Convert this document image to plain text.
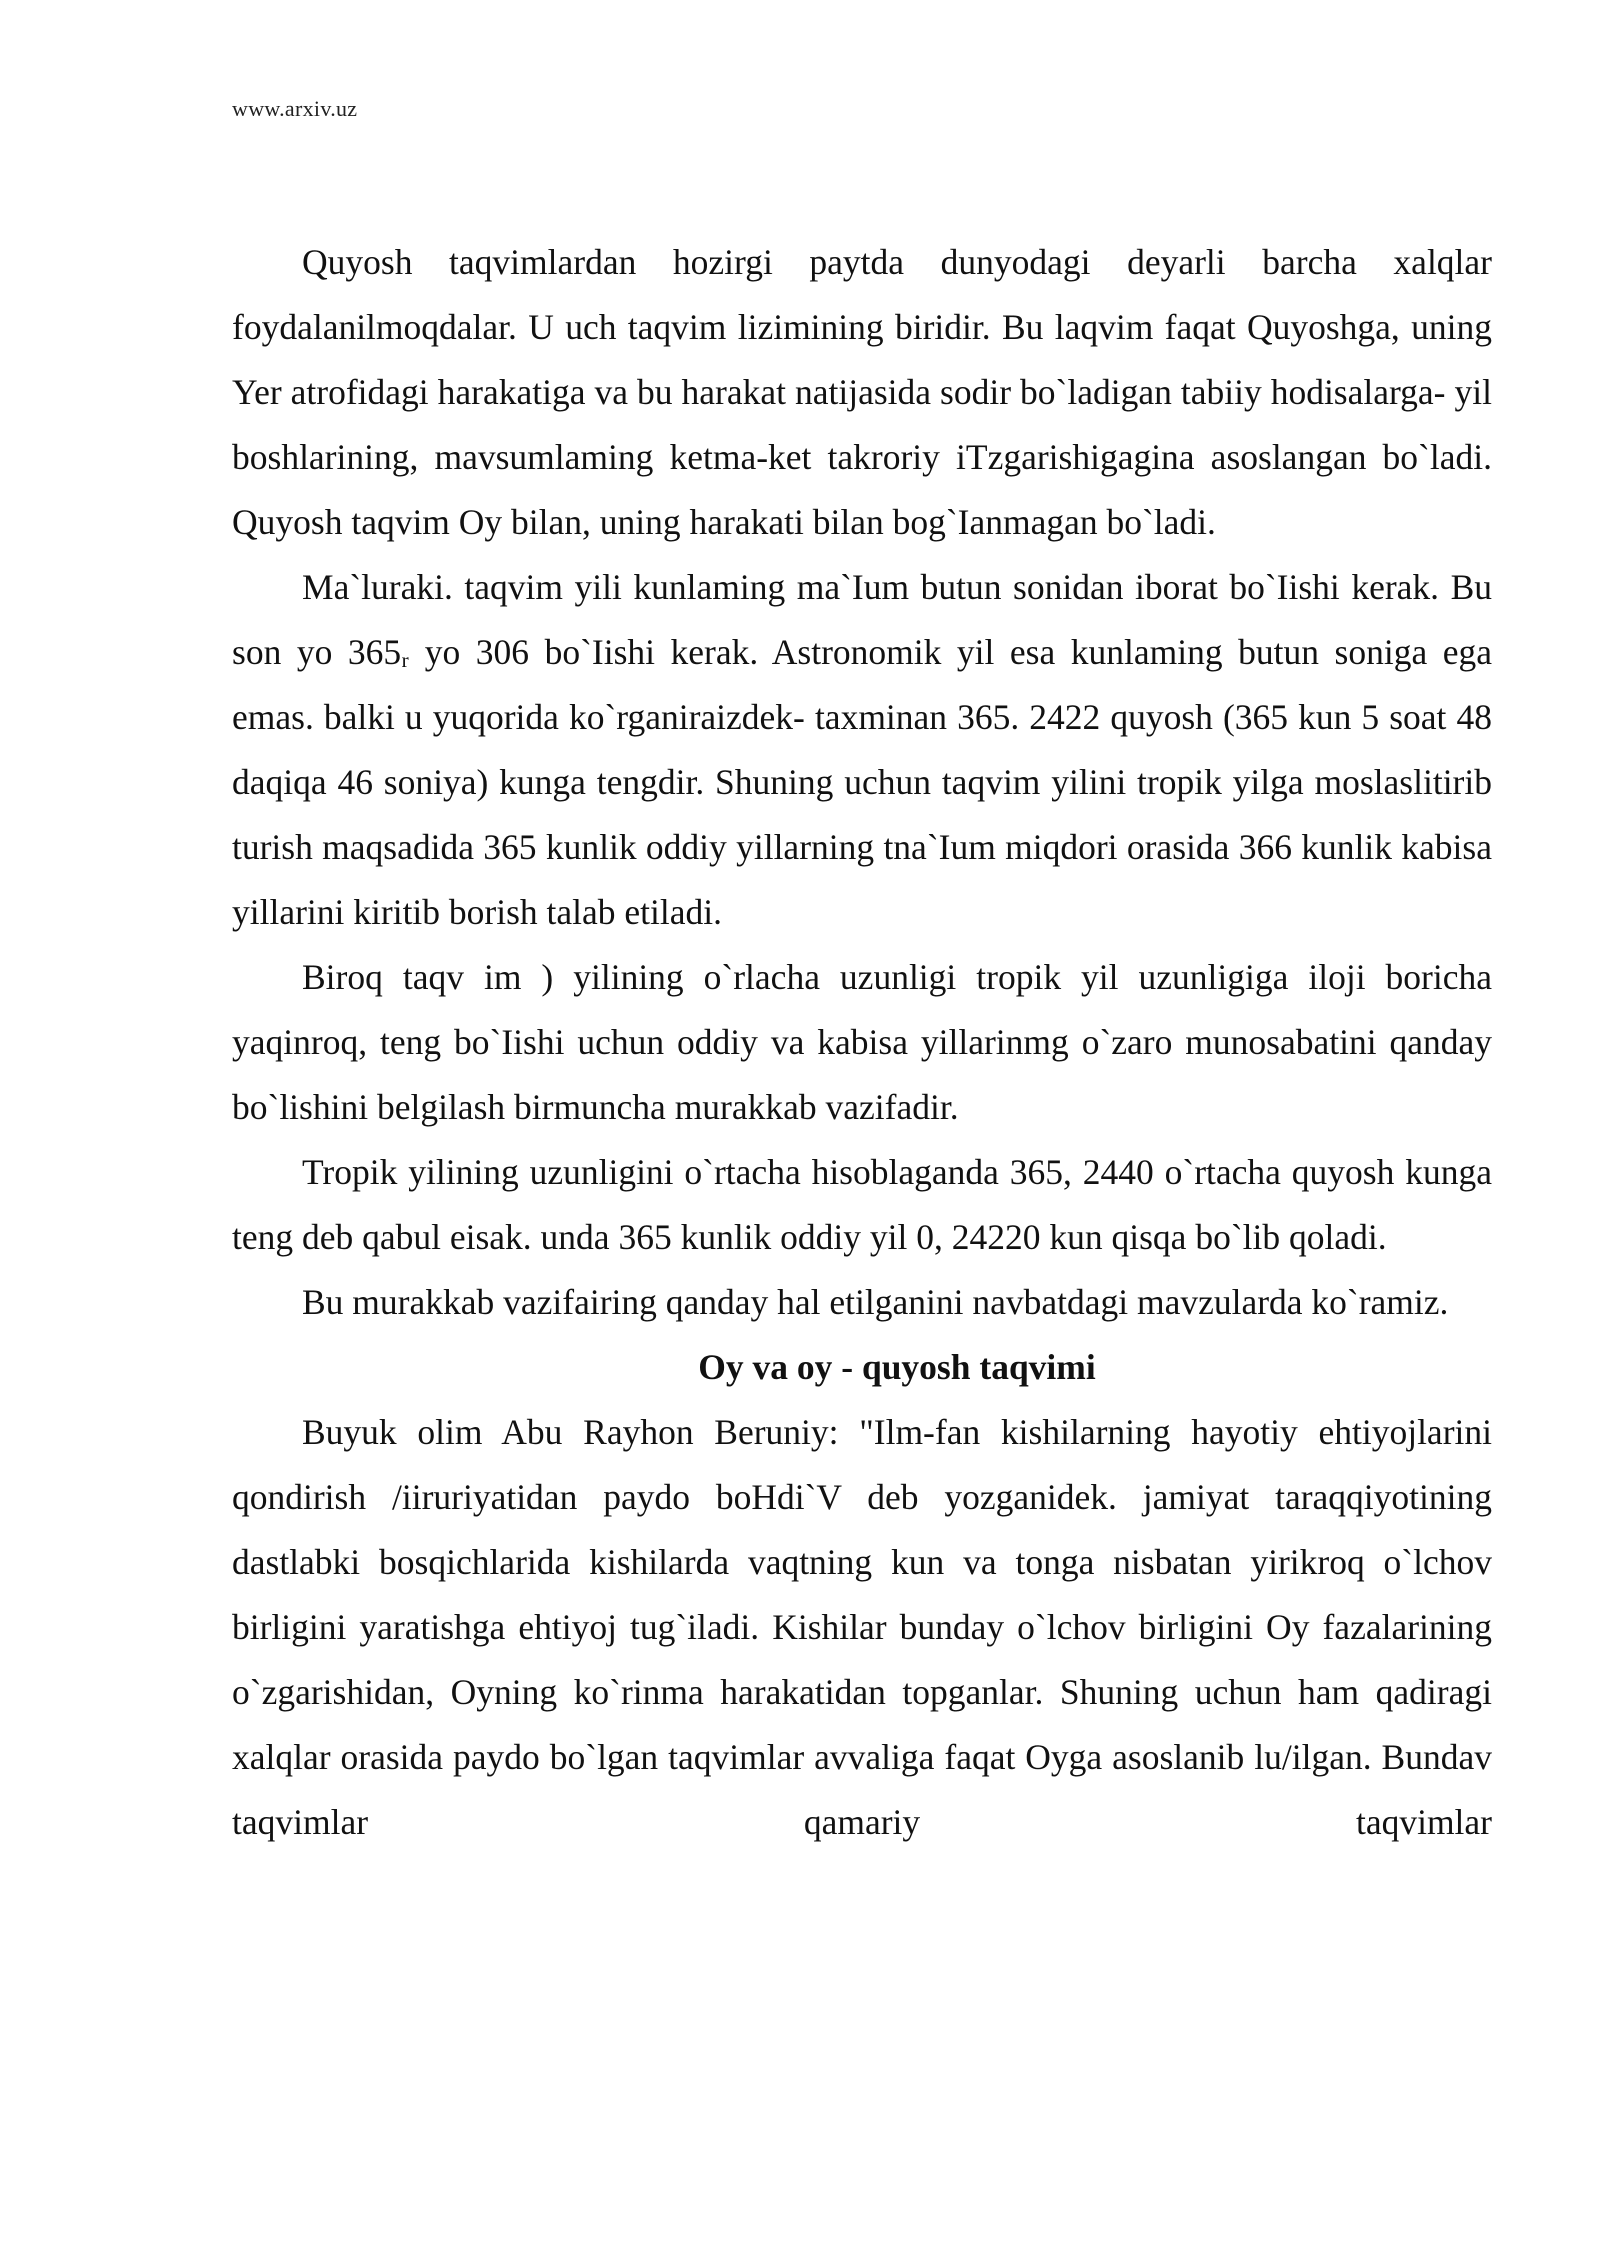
www.arxiv.uz

Quyosh taqvimlardan hozirgi paytda dunyodagi deyarli barcha xalqlar foydalanilmoqdalar. U uch taqvim lizimining biridir. Bu laqvim faqat Quyoshga, uning Yer atrofidagi harakatiga va bu harakat natijasida sodir bo`ladigan tabiiy hodisalarga- yil boshlarining, mavsumlaming ketma-ket takroriy iTzgarishigagina asoslangan bo`ladi. Quyosh taqvim Oy bilan, uning harakati bilan bog`Ianmagan bo`ladi.

Ma`luraki. taqvim yili kunlaming ma`Ium butun sonidan iborat bo`Iishi kerak. Bu son yo 365ᵣ yo 306 bo`Iishi kerak. Astronomik yil esa kunlaming butun soniga ega emas. balki u yuqorida ko`rganiraizdek- taxminan 365. 2422 quyosh (365 kun 5 soat 48 daqiqa 46 soniya) kunga tengdir. Shuning uchun taqvim yilini tropik yilga moslaslitirib turish maqsadida 365 kunlik oddiy yillarning tna`Ium miqdori orasida 366 kunlik kabisa yillarini kiritib borish talab etiladi.

Biroq taqv im ) yilining o`rlacha uzunligi tropik yil uzunligiga iloji boricha yaqinroq, teng bo`Iishi uchun oddiy va kabisa yillarinmg o`zaro munosabatini qanday bo`lishini belgilash birmuncha murakkab vazifadir.

Tropik yilining uzunligini o`rtacha hisoblaganda 365, 2440 o`rtacha quyosh kunga teng deb qabul eisak. unda 365 kunlik oddiy yil 0, 24220 kun qisqa bo`lib qoladi.

Bu murakkab vazifairing qanday hal etilganini navbatdagi mavzularda ko`ramiz.

Oy va oy - quyosh taqvimi

Buyuk olim Abu Rayhon Beruniy: "Ilm-fan kishilarning hayotiy ehtiyojlarini qondirish /iiruriyatidan paydo boHdi`V deb yozganidek. jamiyat taraqqiyotining dastlabki bosqichlarida kishilarda vaqtning kun va tonga nisbatan yirikroq o`lchov birligini yaratishga ehtiyoj tug`iladi. Kishilar bunday o`lchov birligini Oy fazalarining o`zgarishidan, Oyning ko`rinma harakatidan topganlar. Shuning uchun ham qadiragi xalqlar orasida paydo bo`lgan taqvimlar avvaliga faqat Oyga asoslanib lu/ilgan. Bundav taqvimlar qamariy taqvimlar
